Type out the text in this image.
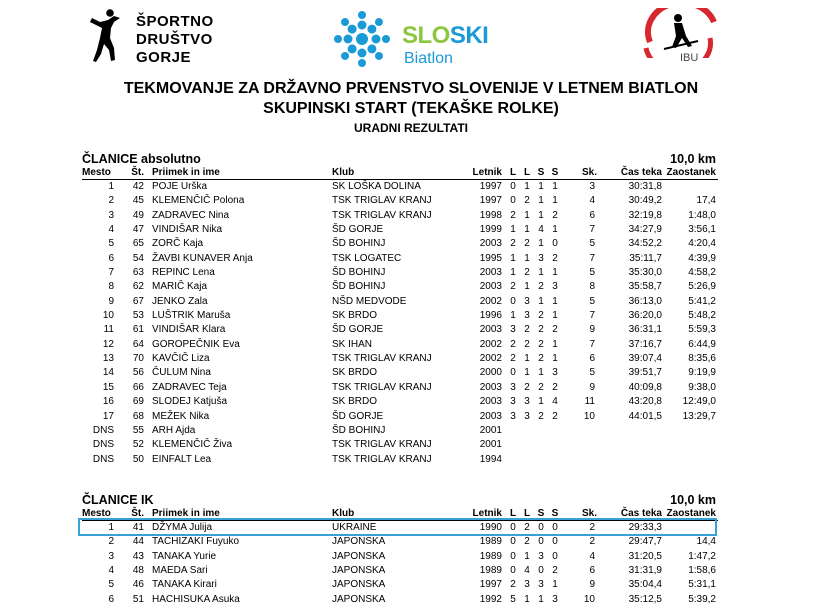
ŠPORTNO
DRUŠTVO
GORJE
SLOSKI
Biatlon	IBU
TEKMOVANJE ZA DRŽAVNO PRVENSTVO SLOVENIJE V LETNEM BIATLON
SKUPINSKI START (TEKAŠKE ROLKE)
URADNI REZULTATI
ČLANICE absolutno	10,0 km
Mesto	Št. Priimek in ime	Klub	Letnik L L S S Sk.	Čas teka Zaostanek
1	42 POJE Urška	SK LOŠKA DOLINA	1997 0 1 1 1	3	30:31,8
2	45 KLEMENČIČ Polona	TSK TRIGLAV KRANJ	1997 0 2 1 1	4	30:49,2	17,4
3	49 ZADRAVEC Nina	TSK TRIGLAV KRANJ	1998 2 1 1 2	6	32:19,8	1:48,0
4	47 VINDIŠAR Nika	ŠD GORJE	1999 1 1 4 1	7	34:27,9	3:56,1
5	65 ZORČ Kaja	ŠD BOHINJ	2003 2 2 1 0	5	34:52,2	4:20,4
6	54 ŽAVBI KUNAVER Anja	TSK LOGATEC	1995 1 1 3 2	7	35:11,7	4:39,9
7	63 REPINC Lena	ŠD BOHINJ	2003 1 2 1 1	5	35:30,0	4:58,2
8	62 MARIČ Kaja	ŠD BOHINJ	2003 2 1 2 3	8	35:58,7	5:26,9
9	67 JENKO Zala	NŠD MEDVODE	2002 0 3 1 1	5	36:13,0	5:41,2
10	53 LUŠTRIK Maruša	SK BRDO	1996 1 3 2 1	7	36:20,0	5:48,2
11	61 VINDIŠAR Klara	ŠD GORJE	2003 3 2 2 2	9	36:31,1	5:59,3
12	64 GOROPEČNIK Eva	SK IHAN	2002 2 2 2 1	7	37:16,7	6:44,9
13	70 KAVČIČ Liza	TSK TRIGLAV KRANJ	2002 2 1 2 1	6	39:07,4	8:35,6
14	56 ČULUM Nina	SK BRDO	2000 0 1 1 3	5	39:51,7	9:19,9
15	66 ZADRAVEC Teja	TSK TRIGLAV KRANJ	2003 3 2 2 2	9	40:09,8	9:38,0
16	69 SLODEJ Katjuša	SK BRDO	2003 3 3 1 4	11	43:20,8	12:49,0
17	68 MEŽEK Nika	ŠD GORJE	2003 3 3 2 2	10	44:01,5	13:29,7
DNS	55 ARH Ajda	ŠD BOHINJ	2001
DNS	52 KLEMENČIČ Živa	TSK TRIGLAV KRANJ	2001
DNS	50 EINFALT Lea	TSK TRIGLAV KRANJ	1994
ČLANICE IK	10,0 km
Mesto	Št. Priimek in ime	Klub	Letnik L L S S Sk.	Čas teka Zaostanek
1	41 DŽYMA Julija	UKRAINE	1990 0 2 0 0	2	29:33,3
2	44 TACHIZAKI Fuyuko	JAPONSKA	1989 0 2 0 0	2	29:47,7	14,4
3	43 TANAKA Yurie	JAPONSKA	1989 0 1 3 0	4	31:20,5	1:47,2
4	48 MAEDA Sari	JAPONSKA	1989 0 4 0 2	6	31:31,9	1:58,6
5	46 TANAKA Kirari	JAPONSKA	1997 2 3 3 1	9	35:04,4	5:31,1
6	51 HACHISUKA Asuka	JAPONSKA	1992 5 1 1 3	10	35:12,5	5:39,2
